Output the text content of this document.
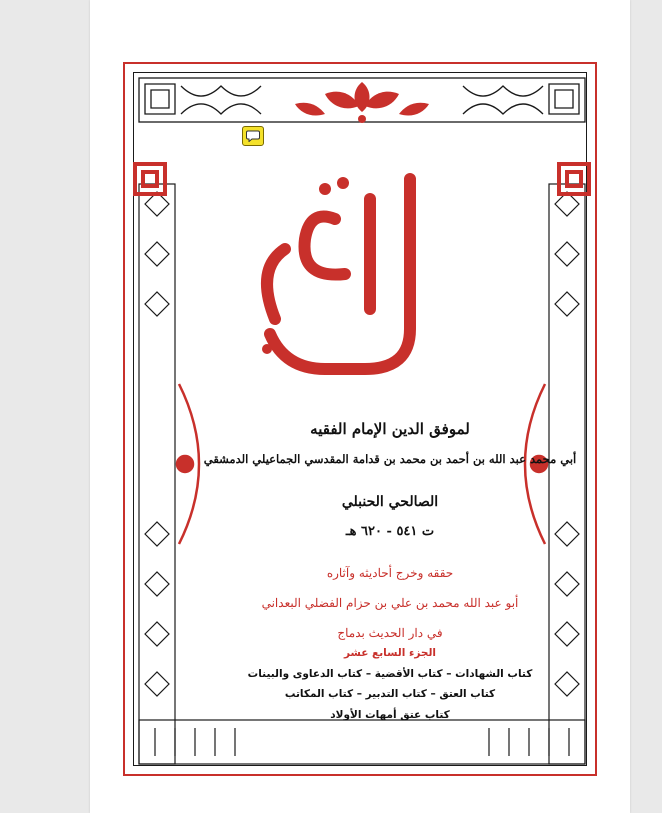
لموفق الدين الإمام الفقيه
أبي محمد عبد الله بن أحمد بن محمد بن قدامة المقدسي الجماعيلي الدمشقي
الصالحي الحنبلي
ت ٥٤١ - ٦٢٠ هـ
حققه وخرج أحاديثه وآثاره
أبو عبد الله محمد بن علي بن حزام الفضلي البعداني
في دار الحديث بدماج
الجزء السابع عشر
كتاب الشهادات – كتاب الأقضية – كتاب الدعاوى والبينات
كتاب العتق – كتاب التدبير – كتاب المكاتب
كتاب عتق أمهات الأولاد
